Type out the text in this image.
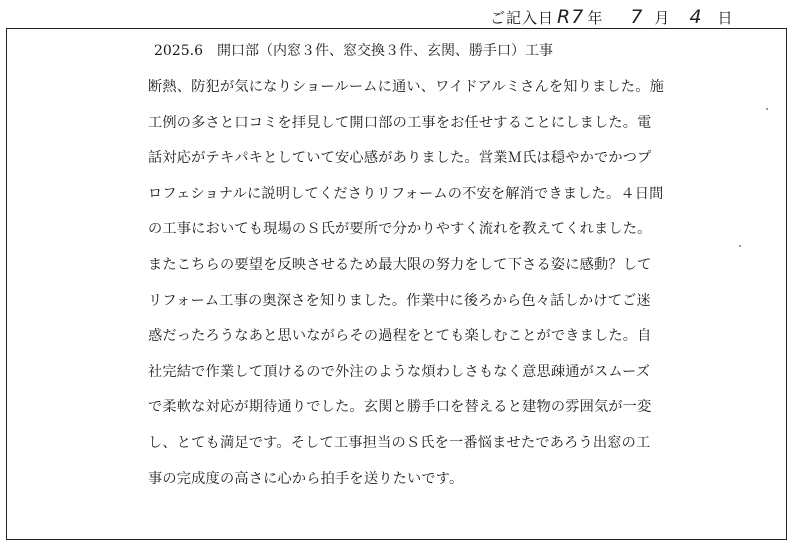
ご記入日 R 7 年 7 月 4 日
2025.6　開口部（内窓３件、窓交換３件、玄関、勝手口）工事
断熱、防犯が気になりショールームに通い、ワイドアルミさんを知りました。施
工例の多さと口コミを拝見して開口部の工事をお任せすることにしました。電
話対応がテキパキとしていて安心感がありました。営業Ｍ氏は穏やかでかつプ
ロフェショナルに説明してくださりリフォームの不安を解消できました。４日間
の工事においても現場のＳ氏が要所で分かりやすく流れを教えてくれました。
またこちらの要望を反映させるため最大限の努力をして下さる姿に感動？して
リフォーム工事の奥深さを知りました。作業中に後ろから色々話しかけてご迷
惑だったろうなあと思いながらその過程をとても楽しむことができました。自
社完結で作業して頂けるので外注のような煩わしさもなく意思疎通がスムーズ
で柔軟な対応が期待通りでした。玄関と勝手口を替えると建物の雰囲気が一変
し、とても満足です。そして工事担当のＳ氏を一番悩ませたであろう出窓の工
事の完成度の高さに心から拍手を送りたいです。
